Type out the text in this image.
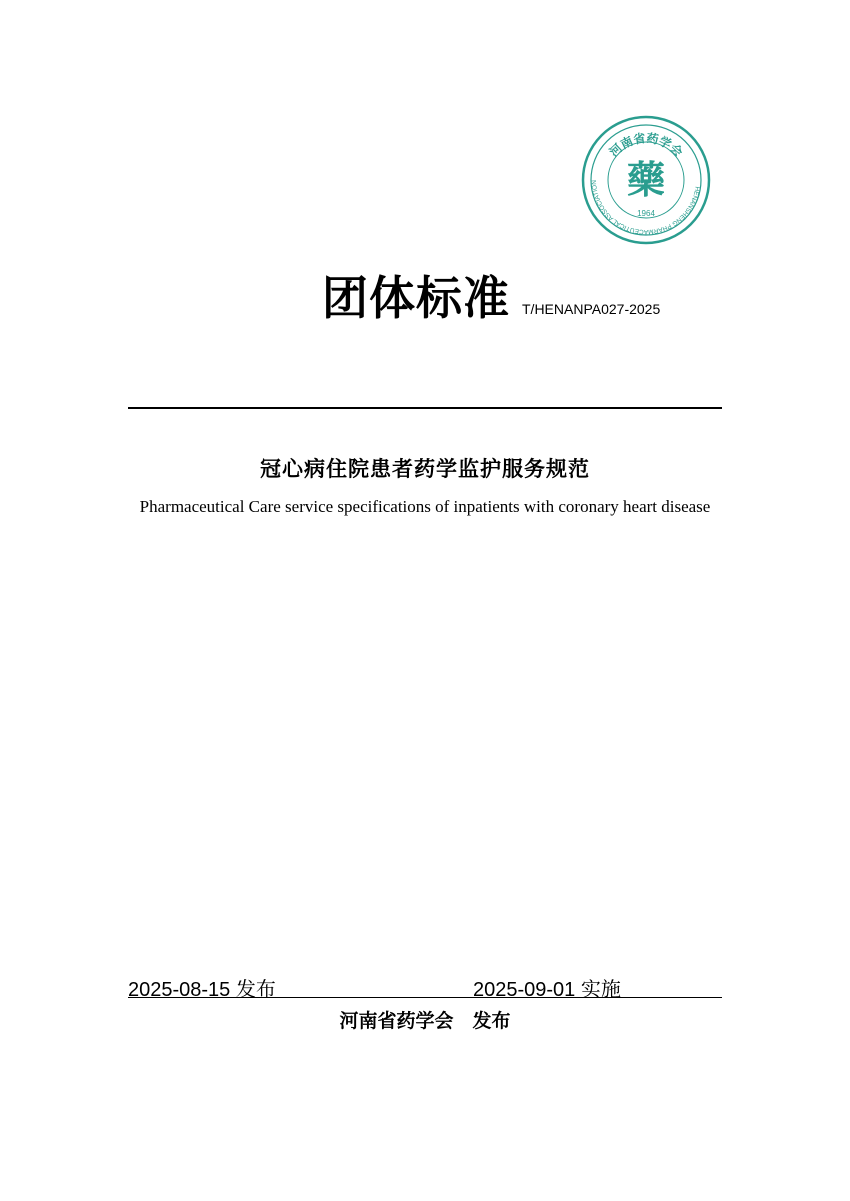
河南省药学会
HENANSHENG PHARMACEUTICAL ASSOCIATION 藥
1964
团体标准 T/HENANPA027-2025
冠心病住院患者药学监护服务规范
Pharmaceutical Care service specifications of inpatients with coronary heart disease
2025-08-15 发布	2025-09-01 实施
河南省药学会　发布
